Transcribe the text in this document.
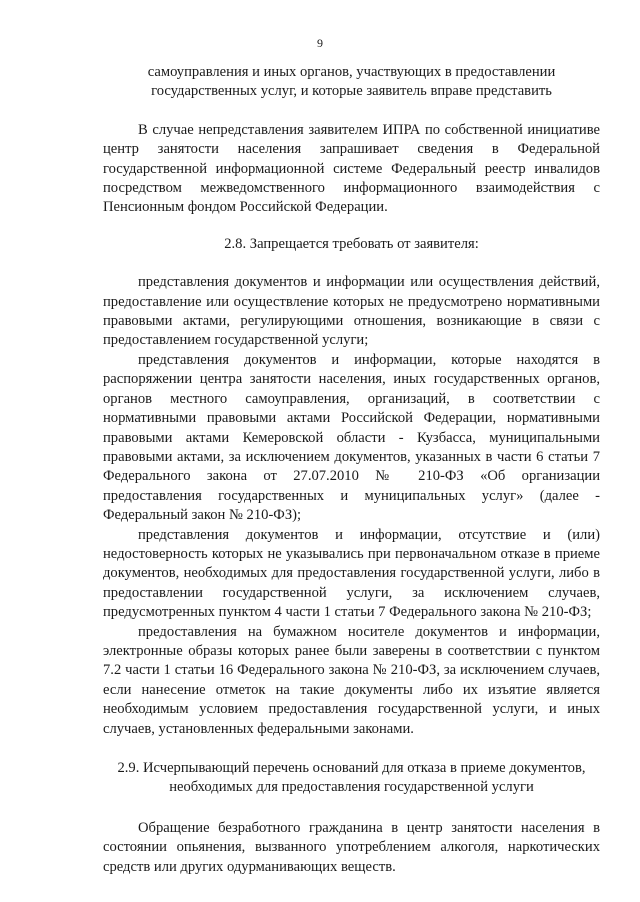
9

самоуправления и иных органов, участвующих в предоставлении

государственных услуг, и которые заявитель вправе представить

В случае непредставления заявителем ИПРА по собственной инициативе центр занятости населения запрашивает сведения в Федеральной государственной информационной системе Федеральный реестр инвалидов посредством межведомственного информационного взаимодействия с Пенсионным фондом Российской Федерации.

2.8. Запрещается требовать от заявителя:

представления документов и информации или осуществления действий, предоставление или осуществление которых не предусмотрено нормативными правовыми актами, регулирующими отношения, возникающие в связи с предоставлением государственной услуги;

представления документов и информации, которые находятся в распоряжении центра занятости населения, иных государственных органов, органов местного самоуправления, организаций, в соответствии с нормативными правовыми актами Российской Федерации, нормативными правовыми актами Кемеровской области - Кузбасса, муниципальными правовыми актами, за исключением документов, указанных в части 6 статьи 7 Федерального закона от 27.07.2010 № 210-ФЗ «Об организации предоставления государственных и муниципальных услуг» (далее - Федеральный закон № 210-ФЗ);

представления документов и информации, отсутствие и (или) недостоверность которых не указывались при первоначальном отказе в приеме документов, необходимых для предоставления государственной услуги, либо в предоставлении государственной услуги, за исключением случаев, предусмотренных пунктом 4 части 1 статьи 7 Федерального закона № 210-ФЗ;

предоставления на бумажном носителе документов и информации, электронные образы которых ранее были заверены в соответствии с пунктом 7.2 части 1 статьи 16 Федерального закона № 210-ФЗ, за исключением случаев, если нанесение отметок на такие документы либо их изъятие является необходимым условием предоставления государственной услуги, и иных случаев, установленных федеральными законами.

2.9. Исчерпывающий перечень оснований для отказа в приеме документов,

необходимых для предоставления государственной услуги

Обращение безработного гражданина в центр занятости населения в состоянии опьянения, вызванного употреблением алкоголя, наркотических средств или других одурманивающих веществ.
